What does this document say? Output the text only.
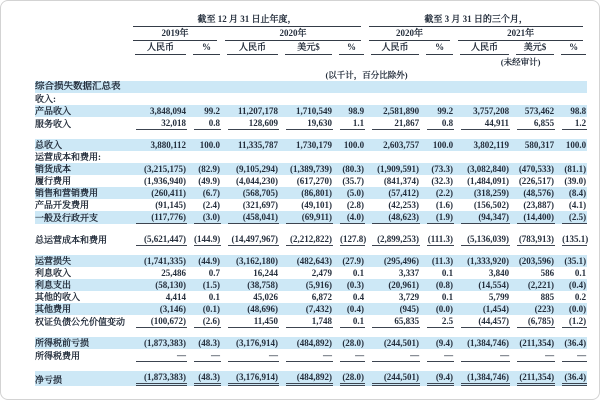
	截至 12 月 31 日止年度，					截至 3 月 31 日的三个月，				

	2019年		2020年			2020年		2021年		

	人民币	%	人民币	美元$	%	人民币	%	人民币	美元$	%

								(未经审计)		
				(以千计，百分比除外)						
综合损失数据汇总表										
收入:	

产品收入	3,848,094	99.2	11,207,178	1,710,549	98.9	2,581,890	99.2	3,757,208	573,462	98.8

服务收入	32,018	0.8	128,609	19,630	1.1	21,867	0.8	44,911	6,855	1.2

总收入	3,880,112	100.0	11,335,787	1,730,179	100.0	2,603,757	100.0	3,802,119	580,317	100.0

运营成本和费用:	

销货成本	(3,215,175)	(82.9)	(9,105,294)	(1,389,739)	(80.3)	(1,909,591)	(73.3)	(3,082,840)	(470,533)	(81.1)

履行费用	(1,936,940)	(49.9)	(4,044,230)	(617,270)	(35.7)	(841,374)	(32.3)	(1,484,091)	(226,517)	(39.0)

销售和营销费用	(260,411)	(6.7)	(568,705)	(86,801)	(5.0)	(57,412)	(2.2)	(318,259)	(48,576)	(8.4)

产品开发费用	(91,145)	(2.4)	(321,697)	(49,101)	(2.8)	(42,253)	(1.6)	(156,502)	(23,887)	(4.1)

一般及行政开支	(117,776)	(3.0)	(458,041)	(69,911)	(4.0)	(48,623)	(1.9)	(94,347)	(14,400)	(2.5)

总运营成本和费用	(5,621,447)	(144.9)	(14,497,967)	(2,212,822)	(127.8)	(2,899,253)	(111.3)	(5,136,039)	(783,913)	(135.1)

运营损失	(1,741,335)	(44.9)	(3,162,180)	(482,643)	(27.9)	(295,496)	(11.3)	(1,333,920)	(203,596)	(35.1)

利息收入	25,486	0.7	16,244	2,479	0.1	3,337	0.1	3,840	586	0.1

利息支出	(58,130)	(1.5)	(38,758)	(5,916)	(0.3)	(20,961)	(0.8)	(14,554)	(2,221)	(0.4)

其他的收入	4,414	0.1	45,026	6,872	0.4	3,729	0.1	5,799	885	0.2

其他费用	(3,146)	(0.1)	(48,696)	(7,432)	(0.4)	(945)	(0.0)	(1,454)	(223)	(0.0)

权证负债公允价值变动	(100,672)	(2.6)	11,450	1,748	0.1	65,835	2.5	(44,457)	(6,785)	(1.2)

所得税前亏损	(1,873,383)	(48.3)	(3,176,914)	(484,892)	(28.0)	(244,501)	(9.4)	(1,384,746)	(211,354)	(36.4)

所得税费用	—	—	—	—	—	—	—	—	—	—

净亏损	(1,873,383)	(48.3)	(3,176,914)	(484,892)	(28.0)	(244,501)	(9.4)	(1,384,746)	(211,354)	(36.4)
